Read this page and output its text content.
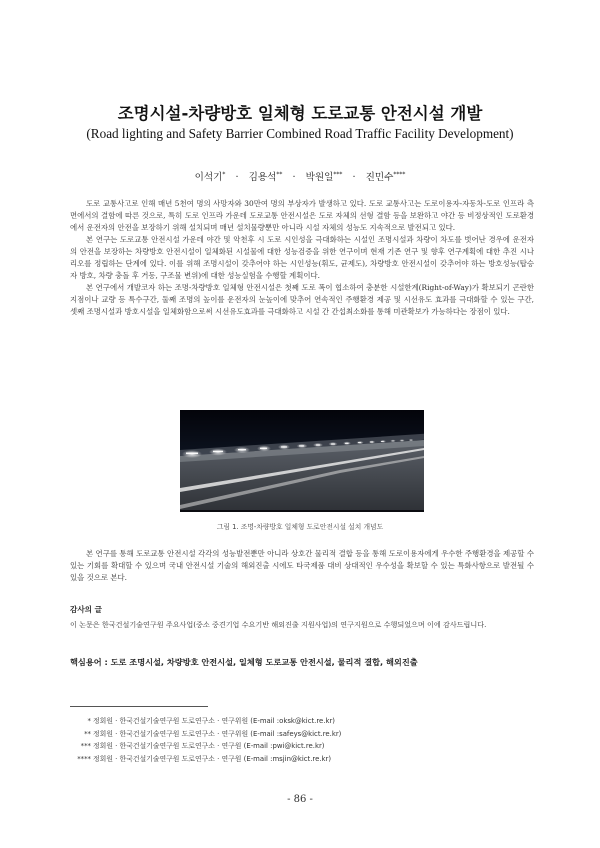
조명시설-차량방호 일체형 도로교통 안전시설 개발
(Road lighting and Safety Barrier Combined Road Traffic Facility Development)
이석기* · 김용석** · 박원일*** · 진민수****

도로 교통사고로 인해 매년 5천여 명의 사망자와 30만여 명의 부상자가 발생하고 있다. 도로 교통사고는 도로이용자-자동차-도로 인프라 측면에서의 결함에 따른 것으로, 특히 도로 인프라 가운데 도로교통 안전시설은 도로 자체의 선형 결함 등을 보완하고 야간 등 비정상적인 도로환경에서 운전자의 안전을 보장하기 위해 설치되며 매년 설치물량뿐만 아니라 시설 자체의 성능도 지속적으로 발전되고 있다.

본 연구는 도로교통 안전시설 가운데 야간 및 악천후 시 도로 시인성을 극대화하는 시설인 조명시설과 차량이 차도를 벗어난 경우에 운전자의 안전을 보장하는 차량방호 안전시설이 일체화된 시설물에 대한 성능검증을 위한 연구이며 현재 기존 연구 및 향후 연구계획에 대한 추진 시나리오를 정립하는 단계에 있다. 이를 위해 조명시설이 갖추어야 하는 시인성능(휘도, 균제도), 차량방호 안전시설이 갖추어야 하는 방호성능(탑승자 방호, 차량 충돌 후 거동, 구조물 변위)에 대한 성능실험을 수행할 계획이다.

본 연구에서 개발코자 하는 조명-차량방호 일체형 안전시설은 첫째 도로 폭이 협소하여 충분한 시설한계(Right-of-Way)가 확보되기 곤란한 지점이나 교량 등 특수구간, 둘째 조명의 높이를 운전자의 눈높이에 맞추어 연속적인 주행환경 제공 및 시선유도 효과를 극대화할 수 있는 구간, 셋째 조명시설과 방호시설을 일체화함으로써 시선유도효과를 극대화하고 시설 간 간섭최소화를 통해 미관확보가 가능하다는 장점이 있다.

그림 1. 조명-차량방호 일체형 도로안전시설 설치 개념도

본 연구를 통해 도로교통 안전시설 각각의 성능발전뿐만 아니라 상호간 물리적 결합 등을 통해 도로이용자에게 우수한 주행환경을 제공할 수 있는 기회를 확대할 수 있으며 국내 안전시설 기술의 해외진출 시에도 타국제품 대비 상대적인 우수성을 확보할 수 있는 특화사항으로 발전될 수 있을 것으로 본다.

감사의 글
이 논문은 한국건설기술연구원 주요사업(중소 중견기업 수요기반 해외진출 지원사업)의 연구지원으로 수행되었으며 이에 감사드립니다.
핵심용어 : 도로 조명시설, 차량방호 안전시설, 일체형 도로교통 안전시설, 물리적 결합, 해외진출
* 정회원 · 한국건설기술연구원 도로연구소 · 연구위원 (E-mail :oksk@kict.re.kr)
** 정회원 · 한국건설기술연구원 도로연구소 · 연구위원 (E-mail :safeys@kict.re.kr)
*** 정회원 · 한국건설기술연구원 도로연구소 · 연구원 (E-mail :pwi@kict.re.kr)
**** 정회원 · 한국건설기술연구원 도로연구소 · 연구원 (E-mail :msjin@kict.re.kr)
- 86 -
